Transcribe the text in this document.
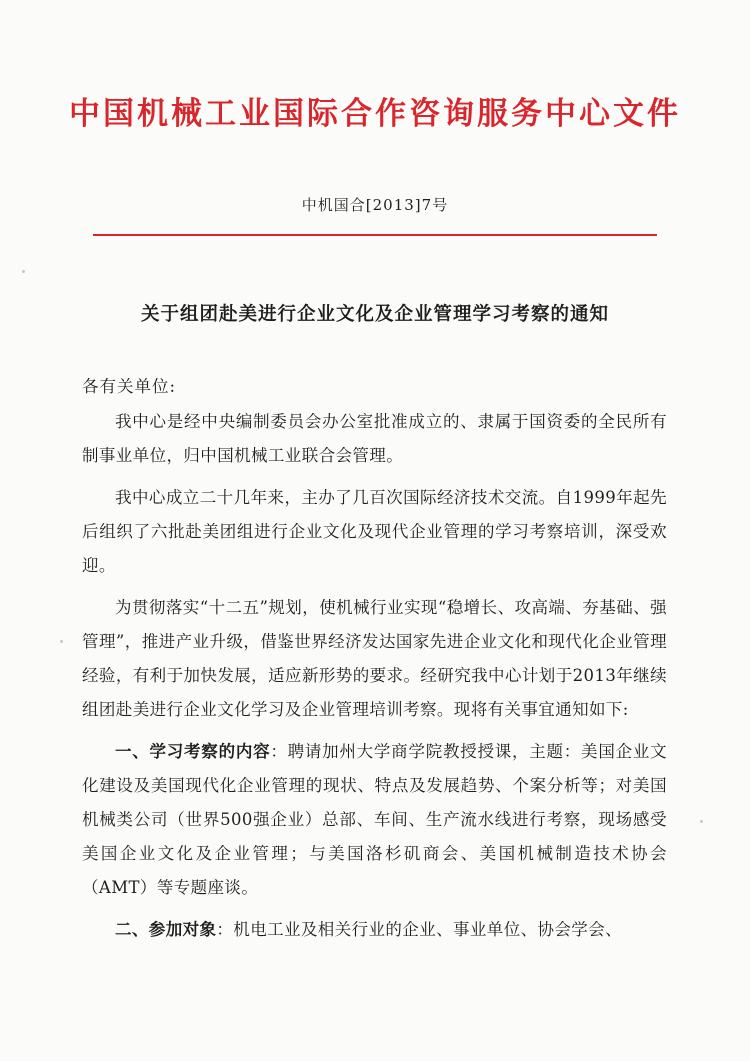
中国机械工业国际合作咨询服务中心文件
中机国合[2013]7号
关于组团赴美进行企业文化及企业管理学习考察的通知
各有关单位:

我中心是经中央编制委员会办公室批准成立的、隶属于国资委的全民所有制事业单位，归中国机械工业联合会管理。

我中心成立二十几年来，主办了几百次国际经济技术交流。自1999年起先后组织了六批赴美团组进行企业文化及现代企业管理的学习考察培训，深受欢迎。

为贯彻落实“十二五”规划，使机械行业实现“稳增长、攻高端、夯基础、强管理”，推进产业升级，借鉴世界经济发达国家先进企业文化和现代化企业管理经验，有利于加快发展，适应新形势的要求。经研究我中心计划于2013年继续组团赴美进行企业文化学习及企业管理培训考察。现将有关事宜通知如下:

一、学习考察的内容：聘请加州大学商学院教授授课，主题：美国企业文化建设及美国现代化企业管理的现状、特点及发展趋势、个案分析等；对美国机械类公司（世界500强企业）总部、车间、生产流水线进行考察，现场感受美国企业文化及企业管理；与美国洛杉矶商会、美国机械制造技术协会（AMT）等专题座谈。

二、参加对象：机电工业及相关行业的企业、事业单位、协会学会、
